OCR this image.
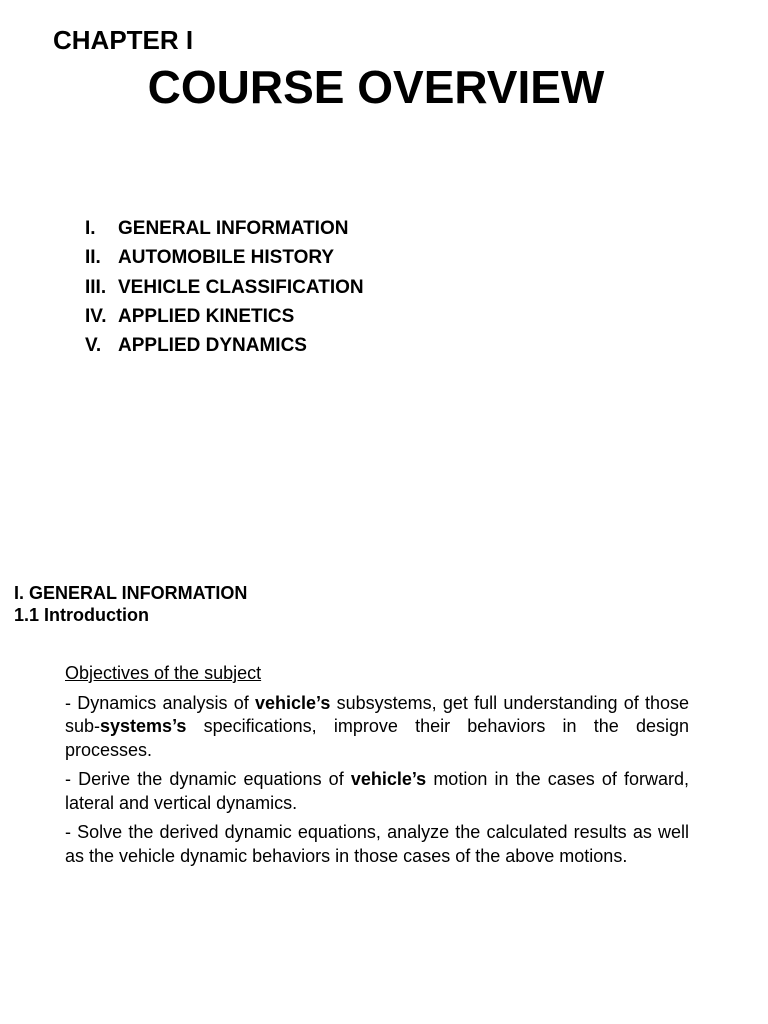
CHAPTER I
COURSE OVERVIEW
I. GENERAL INFORMATION
II. AUTOMOBILE HISTORY
III. VEHICLE CLASSIFICATION
IV. APPLIED KINETICS
V. APPLIED DYNAMICS
I. GENERAL INFORMATION
1.1 Introduction

Objectives of the subject

- Dynamics analysis of vehicle’s subsystems, get full understanding of those sub-systems’s specifications, improve their behaviors in the design processes.

- Derive the dynamic equations of vehicle’s motion in the cases of forward, lateral and vertical dynamics.

- Solve the derived dynamic equations, analyze the calculated results as well as the vehicle dynamic behaviors in those cases of the above motions.
